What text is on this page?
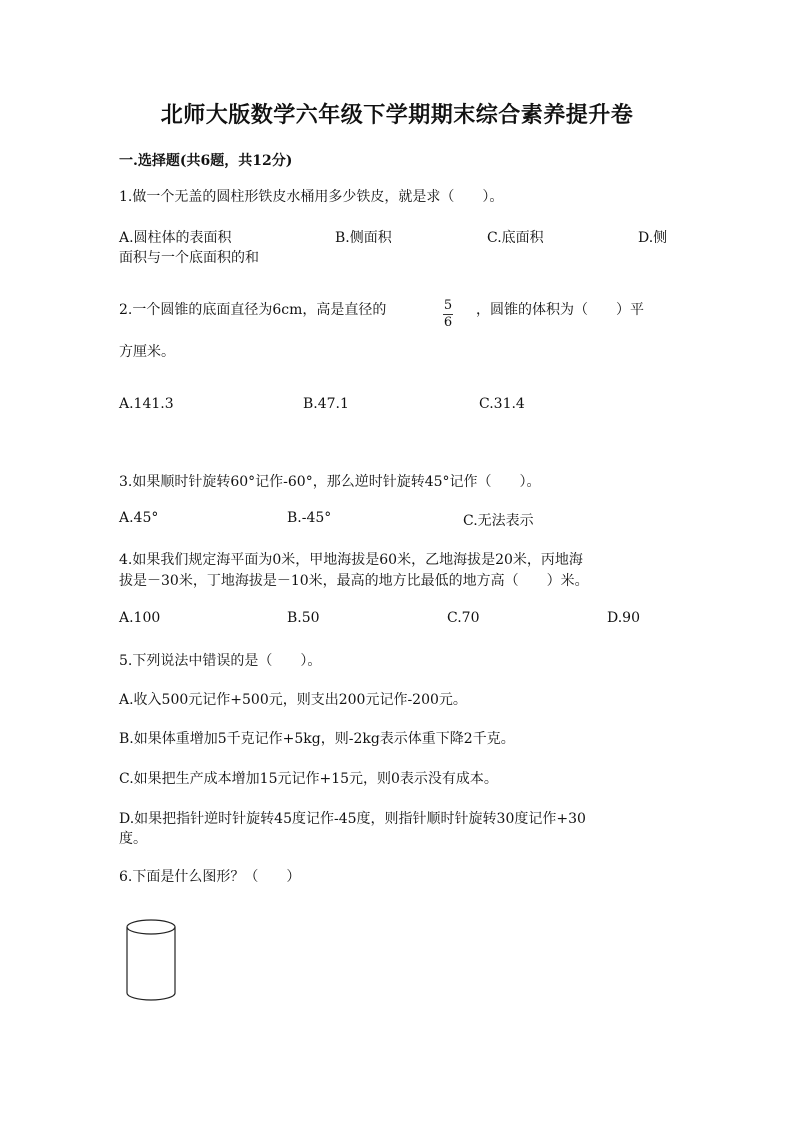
北师大版数学六年级下学期期末综合素养提升卷
一.选择题(共6题，共12分)
1.做一个无盖的圆柱形铁皮水桶用多少铁皮，就是求（　　）。
A.圆柱体的表面积	B.侧面积	C.底面积	D.侧
面积与一个底面积的和
2.一个圆锥的底面直径为6cm，高是直径的	$\frac{5}{6}$ ，圆锥的体积为（　　）平
方厘米。
A.141.3	B.47.1	C.31.4
3.如果顺时针旋转60°记作-60°，那么逆时针旋转45°记作（　　）。
A.45°	B.-45°	C.无法表示
4.如果我们规定海平面为0米，甲地海拔是60米，乙地海拔是20米，丙地海
拔是－30米，丁地海拔是－10米，最高的地方比最低的地方高（　　）米。
A.100	B.50	C.70	D.90
5.下列说法中错误的是（　　）。
A.收入500元记作+500元，则支出200元记作-200元。
B.如果体重增加5千克记作+5kg，则-2kg表示体重下降2千克。
C.如果把生产成本增加15元记作+15元，则0表示没有成本。
D.如果把指针逆时针旋转45度记作-45度，则指针顺时针旋转30度记作+30
度。
6.下面是什么图形？（　　）
